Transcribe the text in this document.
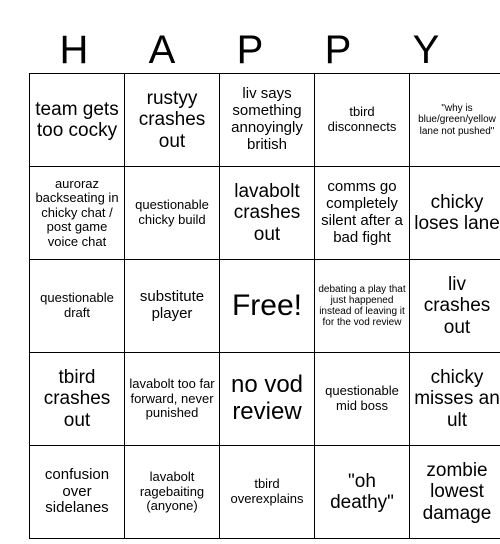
H	A	P	P	Y
team gets too cocky	rustyy crashes out	liv says something annoyingly british	tbird disconnects	"why is blue/green/yellow lane not pushed"
auroraz backseating in chicky chat / post game voice chat	questionable chicky build	lavabolt crashes out	comms go completely silent after a bad fight	chicky loses lane
questionable draft	substitute player	Free!	debating a play that just happened instead of leaving it for the vod review	liv crashes out
tbird crashes out	lavabolt too far forward, never punished	no vod review	questionable mid boss	chicky misses an ult
confusion over sidelanes	lavabolt ragebaiting (anyone)	tbird overexplains	"oh deathy"	zombie lowest damage
